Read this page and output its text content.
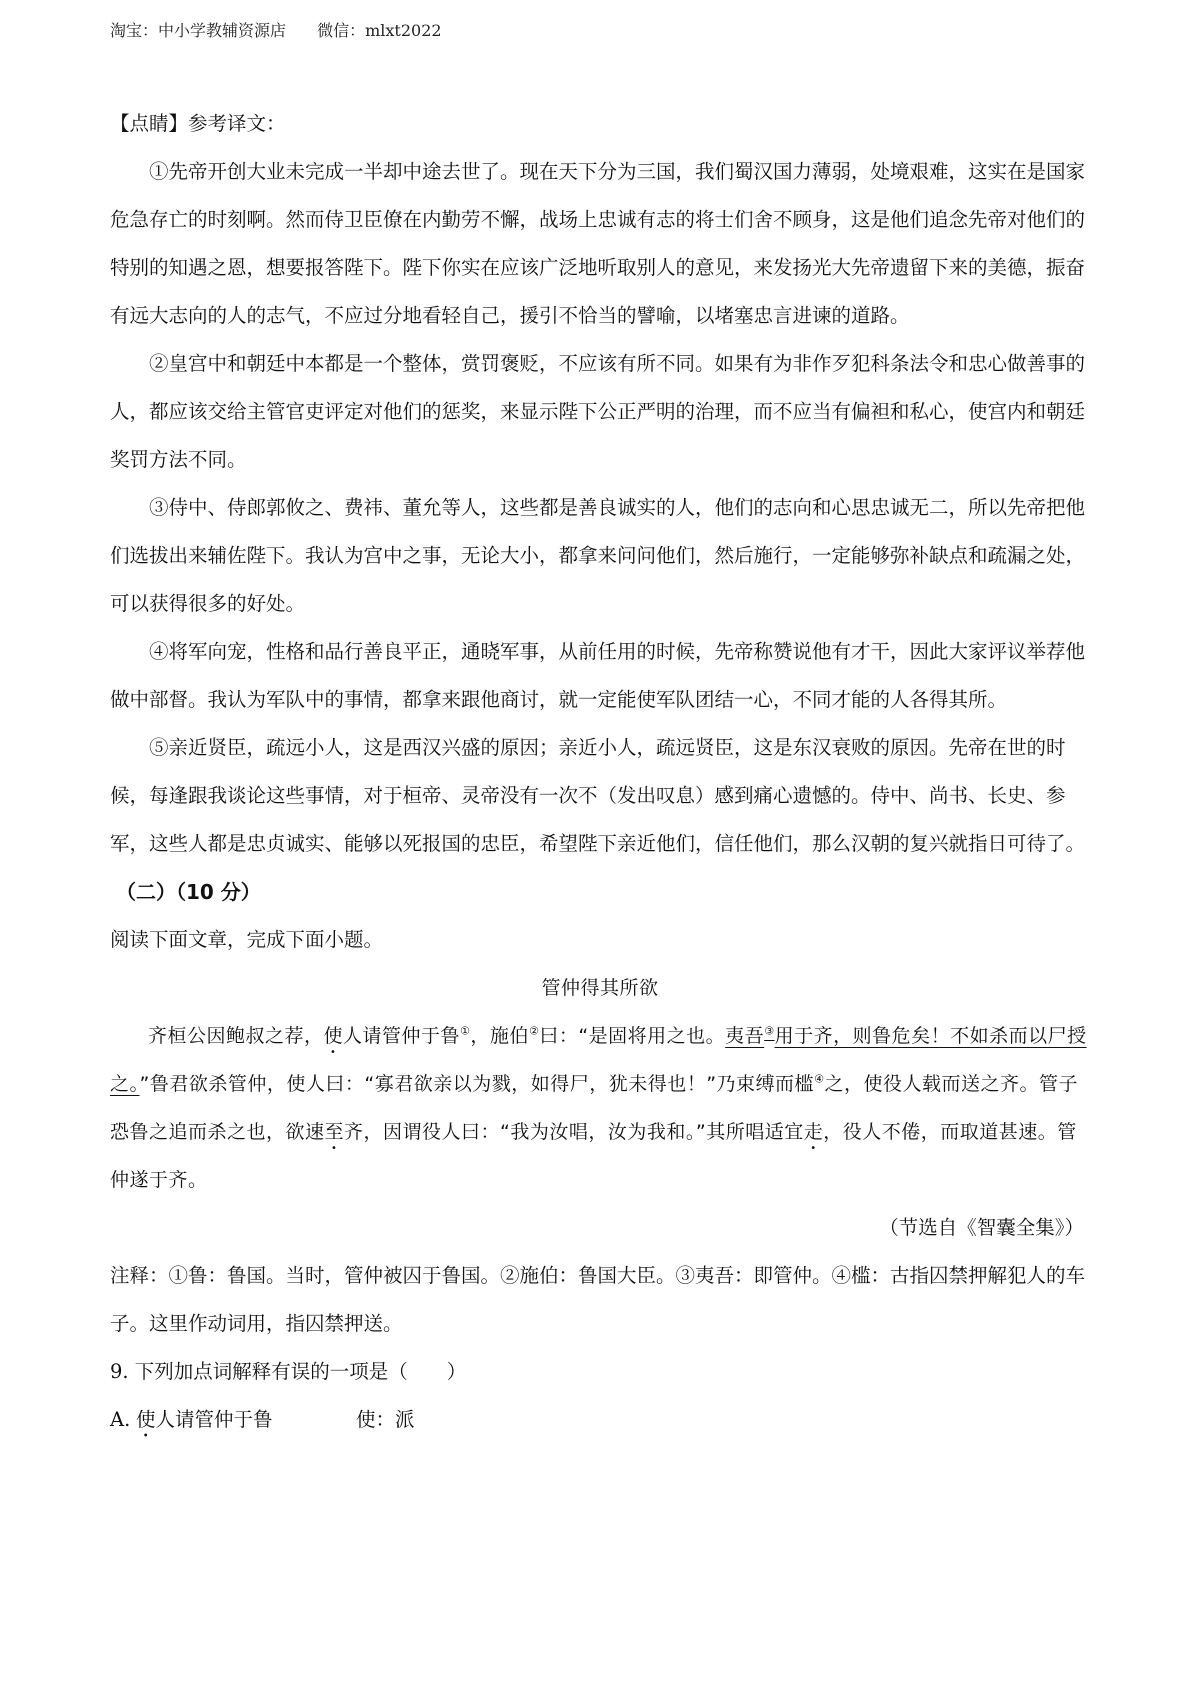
淘宝：中小学教辅资源店 微信：mlxt2022

【点睛】参考译文：

①先帝开创大业未完成一半却中途去世了。现在天下分为三国，我们蜀汉国力薄弱，处境艰难，这实在是国家危急存亡的时刻啊。然而侍卫臣僚在内勤劳不懈，战场上忠诚有志的将士们舍不顾身，这是他们追念先帝对他们的特别的知遇之恩，想要报答陛下。陛下你实在应该广泛地听取别人的意见，来发扬光大先帝遗留下来的美德，振奋有远大志向的人的志气，不应过分地看轻自己，援引不恰当的譬喻，以堵塞忠言进谏的道路。

②皇宫中和朝廷中本都是一个整体，赏罚褒贬，不应该有所不同。如果有为非作歹犯科条法令和忠心做善事的人，都应该交给主管官吏评定对他们的惩奖，来显示陛下公正严明的治理，而不应当有偏袒和私心，使宫内和朝廷奖罚方法不同。

③侍中、侍郎郭攸之、费祎、董允等人，这些都是善良诚实的人，他们的志向和心思忠诚无二，所以先帝把他们选拔出来辅佐陛下。我认为宫中之事，无论大小，都拿来问问他们，然后施行，一定能够弥补缺点和疏漏之处，可以获得很多的好处。

④将军向宠，性格和品行善良平正，通晓军事，从前任用的时候，先帝称赞说他有才干，因此大家评议举荐他做中部督。我认为军队中的事情，都拿来跟他商讨，就一定能使军队团结一心，不同才能的人各得其所。

⑤亲近贤臣，疏远小人，这是西汉兴盛的原因；亲近小人，疏远贤臣，这是东汉衰败的原因。先帝在世的时候，每逢跟我谈论这些事情，对于桓帝、灵帝没有一次不（发出叹息）感到痛心遗憾的。侍中、尚书、长史、参军，这些人都是忠贞诚实、能够以死报国的忠臣，希望陛下亲近他们，信任他们，那么汉朝的复兴就指日可待了。

（二）（10 分）

阅读下面文章，完成下面小题。

管仲得其所欲

齐桓公因鲍叔之荐，使人请管仲于鲁①，施伯②曰：“是固将用之也。夷吾③用于齐，则鲁危矣！不如杀而以尸授之。”鲁君欲杀管仲，使人曰：“寡君欲亲以为戮，如得尸，犹未得也！”乃束缚而槛④之，使役人载而送之齐。管子恐鲁之追而杀之也，欲速至齐，因谓役人曰：“我为汝唱，汝为我和。”其所唱适宜走，役人不倦，而取道甚速。管仲遂于齐。

（节选自《智囊全集》）

注释：①鲁：鲁国。当时，管仲被囚于鲁国。②施伯：鲁国大臣。③夷吾：即管仲。④槛：古指囚禁押解犯人的车子。这里作动词用，指囚禁押送。

9. 下列加点词解释有误的一项是（　　）

A. 使人请管仲于鲁	使：派
